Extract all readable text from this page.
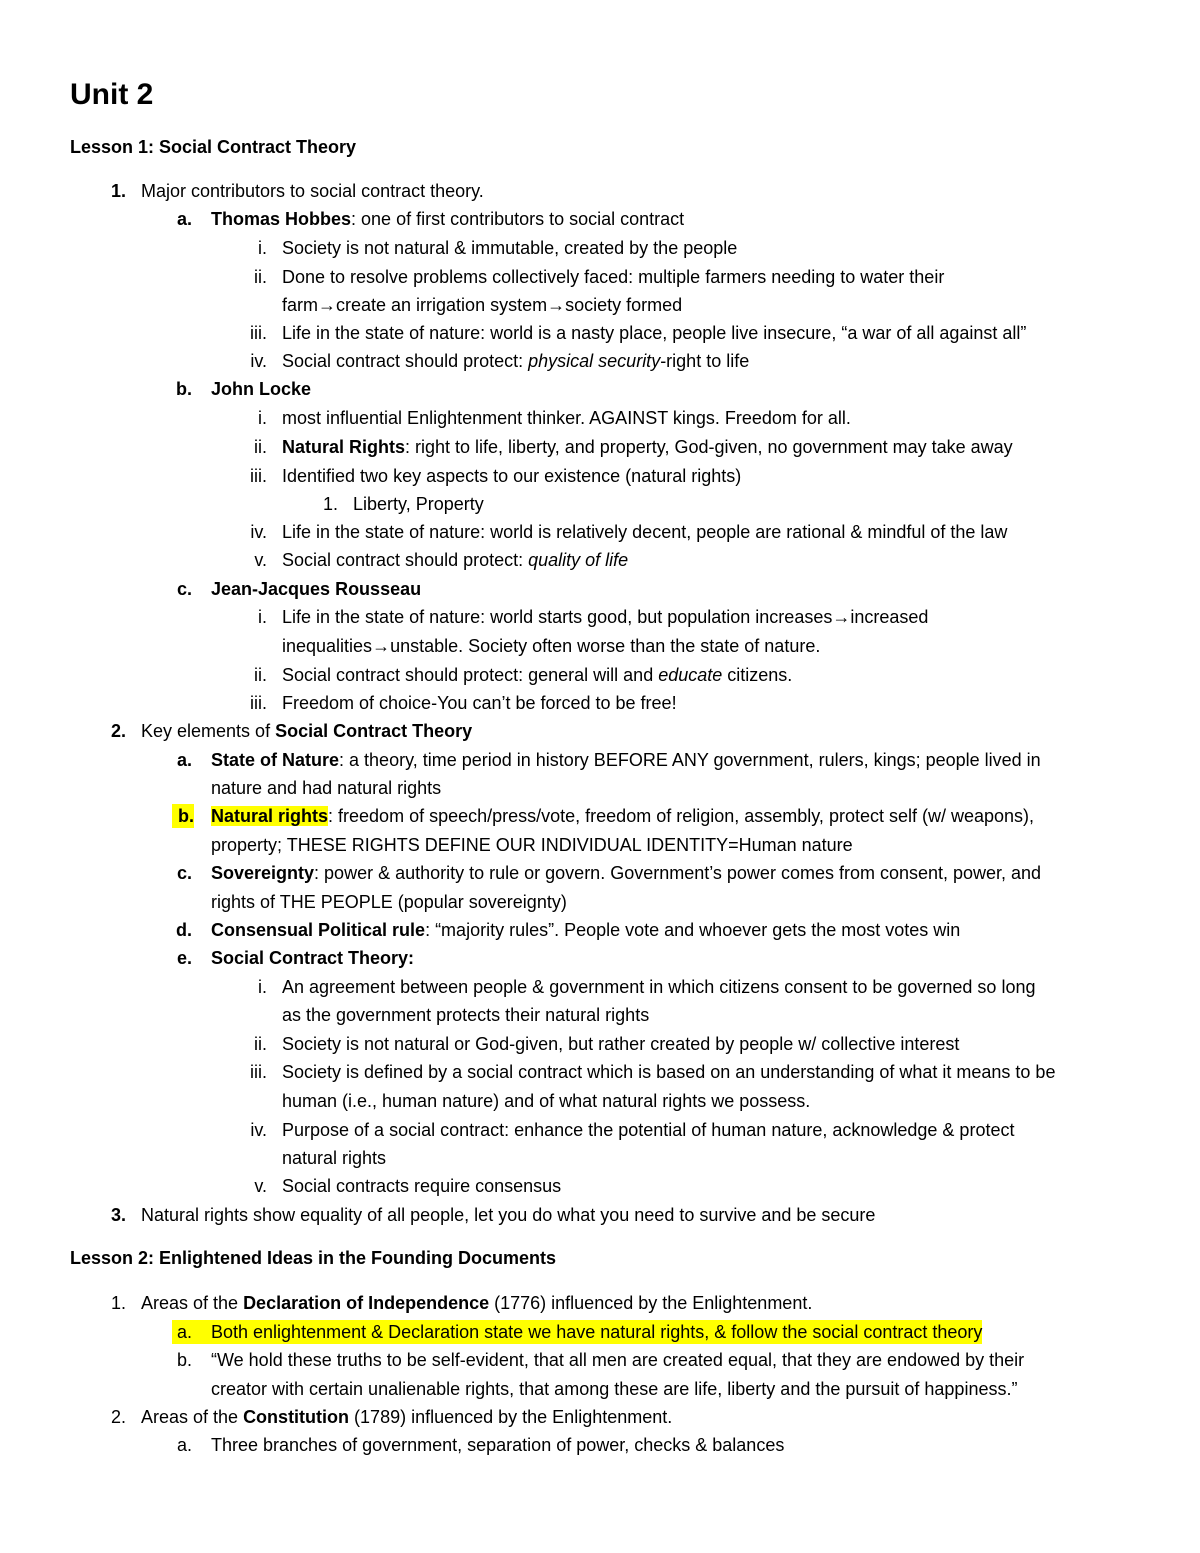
Unit 2
Lesson 1: Social Contract Theory
1. Major contributors to social contract theory.
a. Thomas Hobbes: one of first contributors to social contract
i. Society is not natural & immutable, created by the people
ii. Done to resolve problems collectively faced: multiple farmers needing to water their
farm→create an irrigation system→society formed
iii. Life in the state of nature: world is a nasty place, people live insecure, “a war of all against all”
iv. Social contract should protect: physical security-right to life
b. John Locke
i. most influential Enlightenment thinker. AGAINST kings. Freedom for all.
ii. Natural Rights: right to life, liberty, and property, God-given, no government may take away
iii. Identified two key aspects to our existence (natural rights)
1. Liberty, Property
iv. Life in the state of nature: world is relatively decent, people are rational & mindful of the law
v. Social contract should protect: quality of life
c. Jean-Jacques Rousseau
i. Life in the state of nature: world starts good, but population increases→increased
inequalities→unstable. Society often worse than the state of nature.
ii. Social contract should protect: general will and educate citizens.
iii. Freedom of choice-You can’t be forced to be free!
2. Key elements of Social Contract Theory
a. State of Nature: a theory, time period in history BEFORE ANY government, rulers, kings; people lived in
nature and had natural rights
b. Natural rights: freedom of speech/press/vote, freedom of religion, assembly, protect self (w/ weapons),
property; THESE RIGHTS DEFINE OUR INDIVIDUAL IDENTITY=Human nature
c. Sovereignty: power & authority to rule or govern. Government’s power comes from consent, power, and
rights of THE PEOPLE (popular sovereignty)
d. Consensual Political rule: “majority rules”. People vote and whoever gets the most votes win
e. Social Contract Theory:
i. An agreement between people & government in which citizens consent to be governed so long
as the government protects their natural rights
ii. Society is not natural or God-given, but rather created by people w/ collective interest
iii. Society is defined by a social contract which is based on an understanding of what it means to be
human (i.e., human nature) and of what natural rights we possess.
iv. Purpose of a social contract: enhance the potential of human nature, acknowledge & protect
natural rights
v. Social contracts require consensus
3. Natural rights show equality of all people, let you do what you need to survive and be secure
Lesson 2: Enlightened Ideas in the Founding Documents
1. Areas of the Declaration of Independence (1776) influenced by the Enlightenment.
a.	Both enlightenment & Declaration state we have natural rights, & follow the social contract theory
b. “We hold these truths to be self-evident, that all men are created equal, that they are endowed by their
creator with certain unalienable rights, that among these are life, liberty and the pursuit of happiness.”
2. Areas of the Constitution (1789) influenced by the Enlightenment.
a. Three branches of government, separation of power, checks & balances
